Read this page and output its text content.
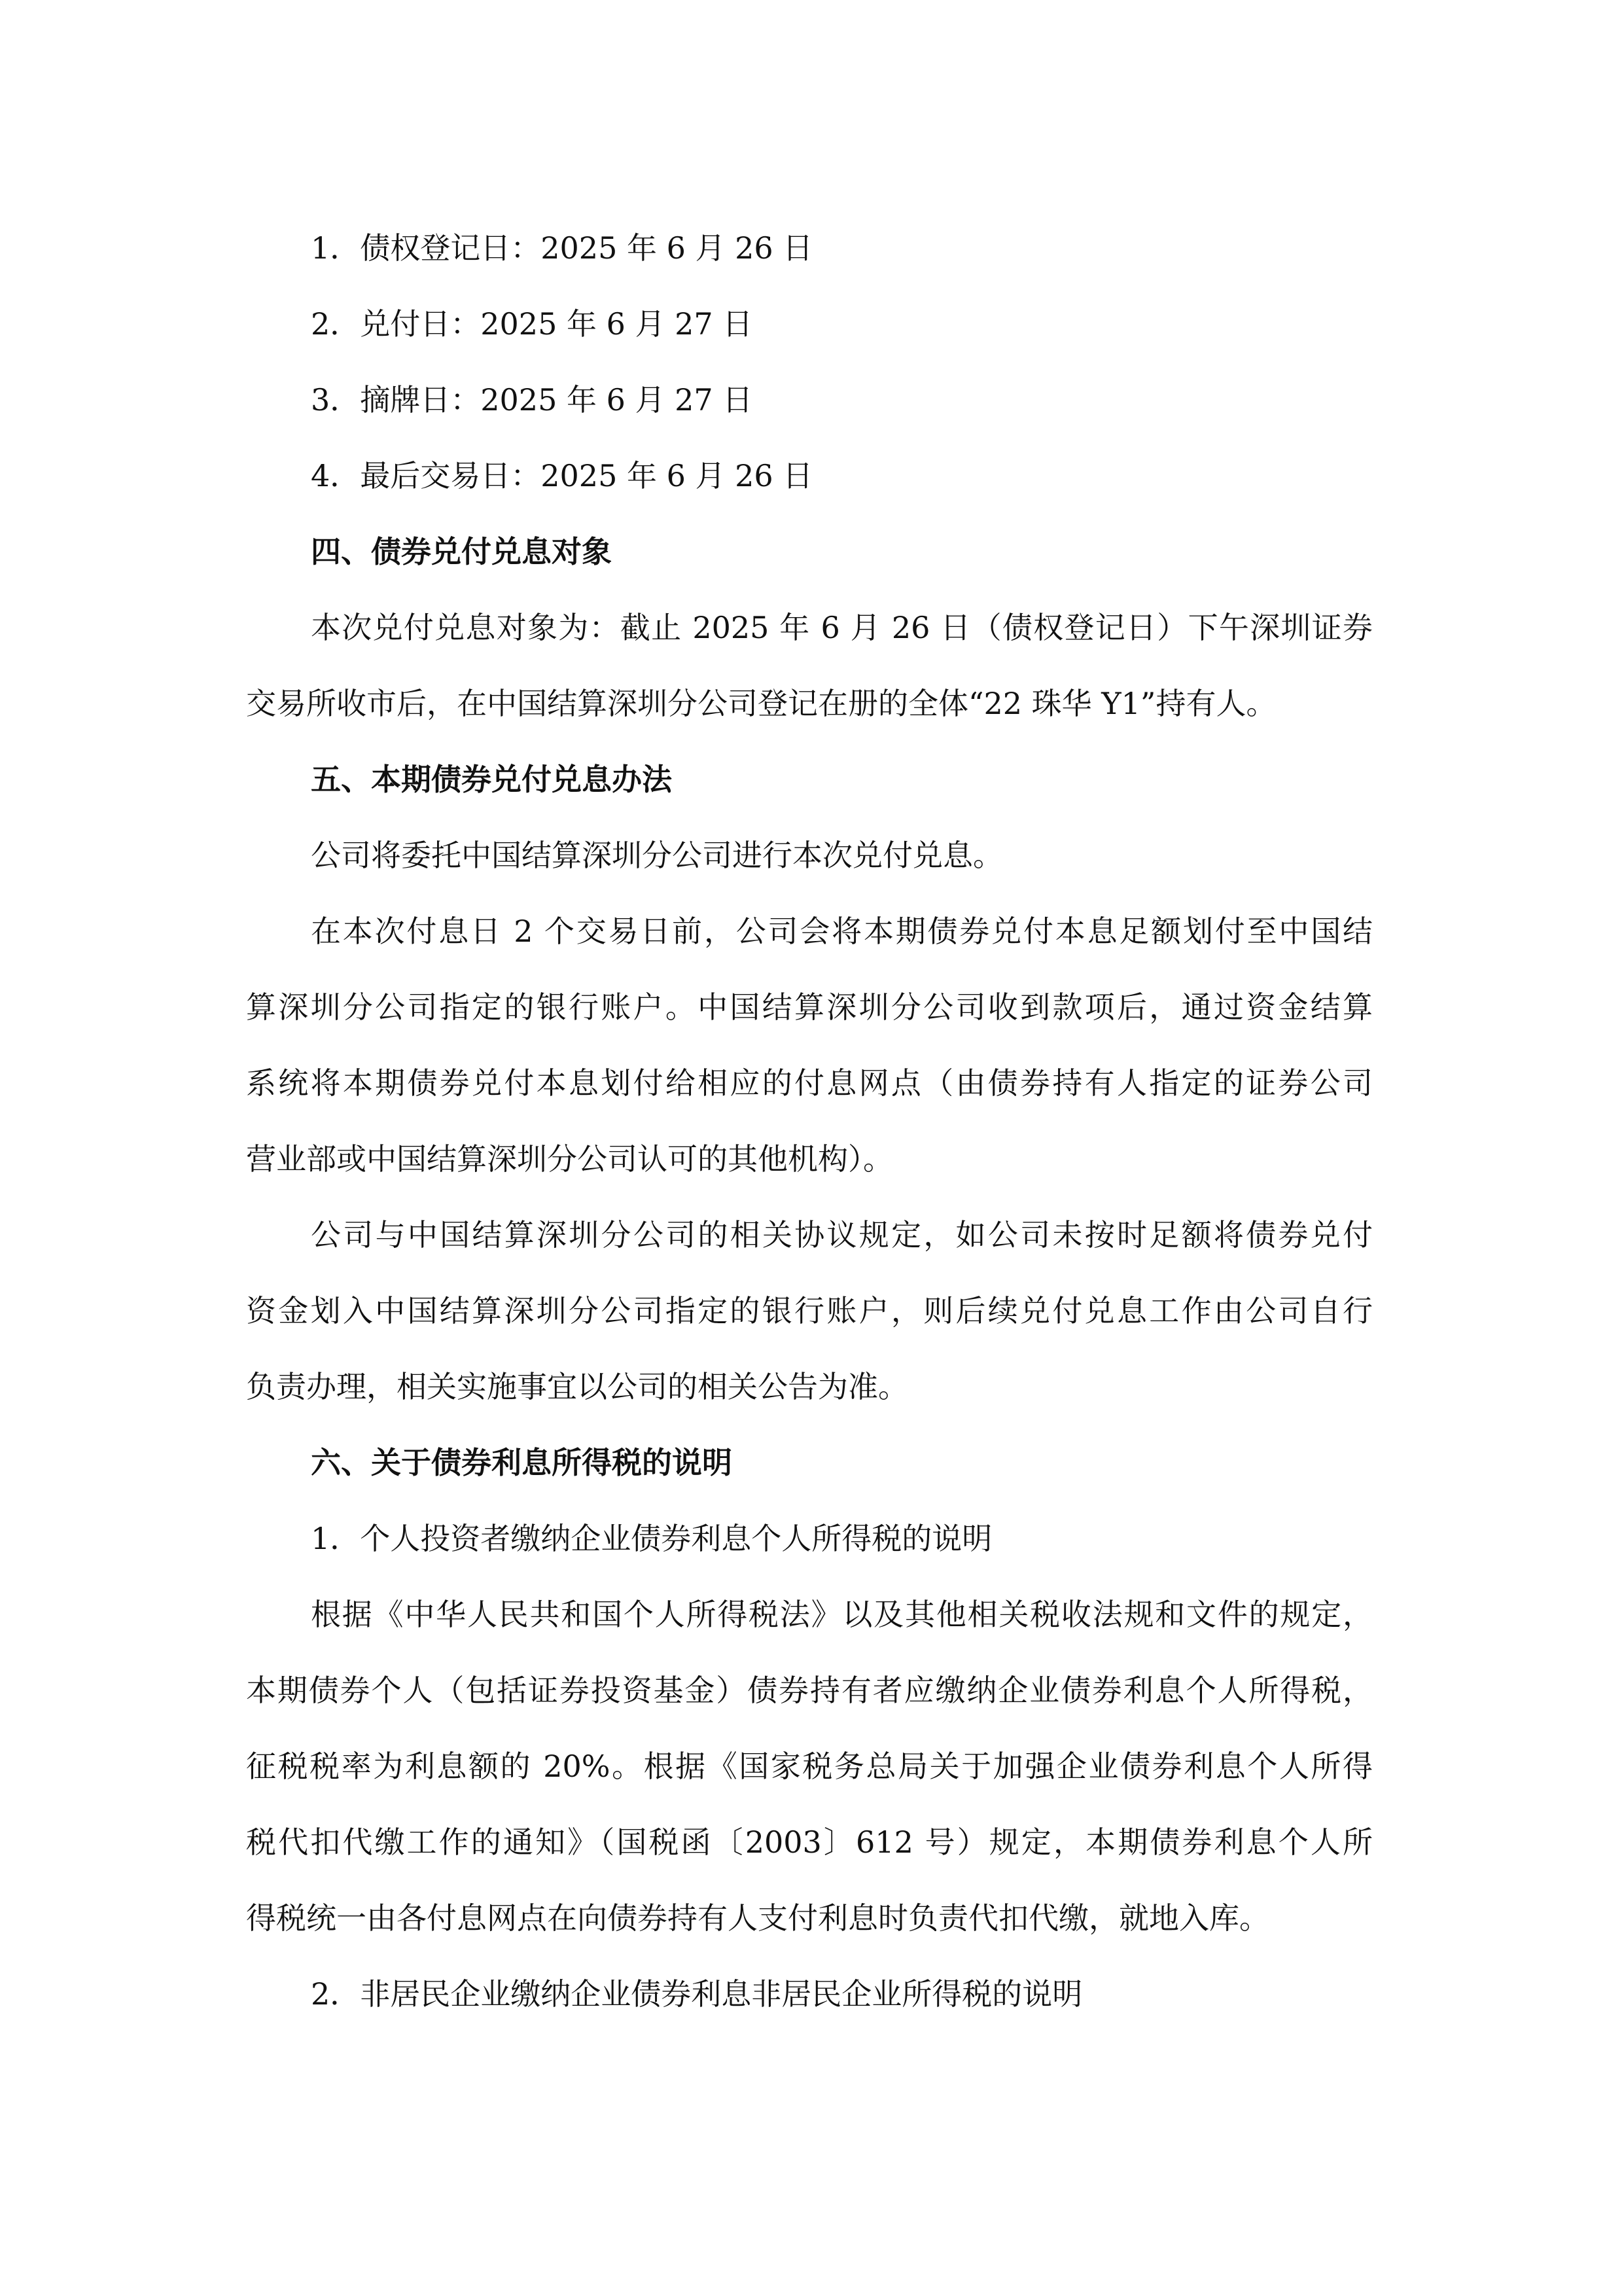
1．债权登记日：2025 年 6 月 26 日
2．兑付日：2025 年 6 月 27 日
3．摘牌日：2025 年 6 月 27 日
4．最后交易日：2025 年 6 月 26 日
四、债券兑付兑息对象
本次兑付兑息对象为：截止 2025 年 6 月 26 日（债权登记日）下午深圳证券
交易所收市后，在中国结算深圳分公司登记在册的全体“22 珠华 Y1”持有人。
五、本期债券兑付兑息办法
公司将委托中国结算深圳分公司进行本次兑付兑息。
在本次付息日 2 个交易日前，公司会将本期债券兑付本息足额划付至中国结
算深圳分公司指定的银行账户。中国结算深圳分公司收到款项后，通过资金结算
系统将本期债券兑付本息划付给相应的付息网点（由债券持有人指定的证券公司
营业部或中国结算深圳分公司认可的其他机构）。
公司与中国结算深圳分公司的相关协议规定，如公司未按时足额将债券兑付
资金划入中国结算深圳分公司指定的银行账户，则后续兑付兑息工作由公司自行
负责办理，相关实施事宜以公司的相关公告为准。
六、关于债券利息所得税的说明
1．个人投资者缴纳企业债券利息个人所得税的说明
根据《中华人民共和国个人所得税法》以及其他相关税收法规和文件的规定，
本期债券个人（包括证券投资基金）债券持有者应缴纳企业债券利息个人所得税，
征税税率为利息额的 20%。根据《国家税务总局关于加强企业债券利息个人所得
税代扣代缴工作的通知》（国税函〔2003〕612 号）规定，本期债券利息个人所
得税统一由各付息网点在向债券持有人支付利息时负责代扣代缴，就地入库。
2．非居民企业缴纳企业债券利息非居民企业所得税的说明
